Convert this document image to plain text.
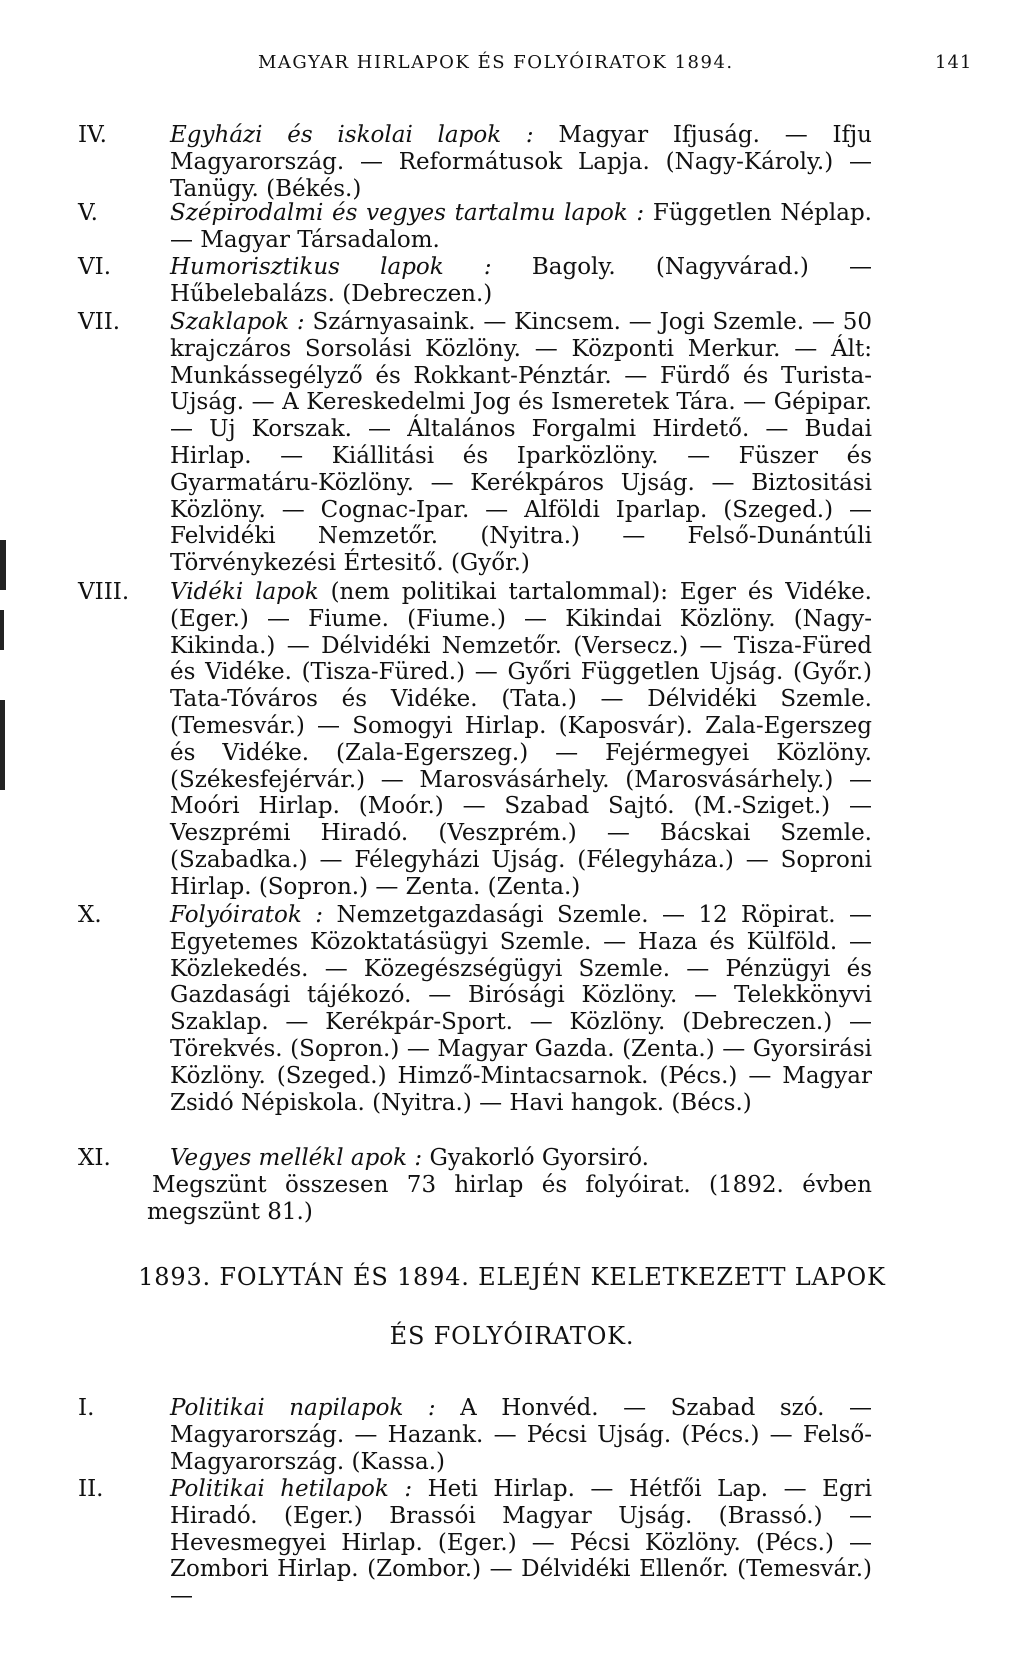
MAGYAR HIRLAPOK ÉS FOLYÓIRATOK 1894.	141

IV.	Egyházi és iskolai lapok : Magyar Ifjuság. — Ifju Magyarország. — Reformátusok Lapja. (Nagy-Károly.) — Tanügy. (Békés.)

V.	Szépirodalmi és vegyes tartalmu lapok : Független Néplap. — Magyar Társadalom.

VI.	Humorisztikus lapok : Bagoly. (Nagyvárad.) — Hűbelebalázs. (Debreczen.)

VII. Szaklapok : Szárnyasaink. — Kincsem. — Jogi Szemle. — 50 krajczáros Sorsolási Közlöny. — Központi Merkur. — Ált: Munkássegélyző és Rokkant-Pénztár. — Fürdő és Turista-Ujság. — A Kereskedelmi Jog és Ismeretek Tára. — Gépipar. — Uj Korszak. — Általános Forgalmi Hirdető. — Budai Hirlap. — Kiállitási és Iparközlöny. — Füszer és Gyarmatáru-Közlöny. — Kerékpáros Ujság. — Biztositási Közlöny. — Cognac-Ipar. — Alföldi Iparlap. (Szeged.) — Felvidéki Nemzetőr. (Nyitra.) — Felső-Dunántúli Törvénykezési Értesitő. (Győr.)

VIII. Vidéki lapok (nem politikai tartalommal): Eger és Vidéke. (Eger.) — Fiume. (Fiume.) — Kikindai Közlöny. (Nagy-Kikinda.) — Délvidéki Nemzetőr. (Versecz.) — Tisza-Füred és Vidéke. (Tisza-Füred.) — Győri Független Ujság. (Győr.) Tata-Tóváros és Vidéke. (Tata.) — Délvidéki Szemle. (Temesvár.) — Somogyi Hirlap. (Kaposvár). Zala-Egerszeg és Vidéke. (Zala-Egerszeg.) — Fejérmegyei Közlöny. (Székesfejérvár.) — Marosvásárhely. (Marosvásárhely.) — Moóri Hirlap. (Moór.) — Szabad Sajtó. (M.-Sziget.) — Veszprémi Hiradó. (Veszprém.) — Bácskai Szemle. (Szabadka.) — Félegyházi Ujság. (Félegyháza.) — Soproni Hirlap. (Sopron.) — Zenta. (Zenta.)

X.	Folyóiratok : Nemzetgazdasági Szemle. — 12 Röpirat. — Egyetemes Közoktatásügyi Szemle. — Haza és Külföld. — Közlekedés. — Közegészségügyi Szemle. — Pénzügyi és Gazdasági tájékozó. — Birósági Közlöny. — Telekkönyvi Szaklap. — Kerékpár-Sport. — Közlöny. (Debreczen.) — Törekvés. (Sopron.) — Magyar Gazda. (Zenta.) — Gyorsirási Közlöny. (Szeged.) Himző-Mintacsarnok. (Pécs.) — Magyar Zsidó Népiskola. (Nyitra.) — Havi hangok. (Bécs.)

XI.	Vegyes mellékl apok : Gyakorló Gyorsiró.

Megszünt összesen 73 hirlap és folyóirat. (1892. évben megszünt 81.)
1893. FOLYTÁN ÉS 1894. ELEJÉN KELETKEZETT LAPOK
ÉS FOLYÓIRATOK.

I.	Politikai napilapok : A Honvéd. — Szabad szó. — Magyarország. — Hazank. — Pécsi Ujság. (Pécs.) — Felső-Magyarország. (Kassa.)

II.	Politikai hetilapok : Heti Hirlap. — Hétfői Lap. — Egri Hiradó. (Eger.) Brassói Magyar Ujság. (Brassó.) — Hevesmegyei Hirlap. (Eger.) — Pécsi Közlöny. (Pécs.) — Zombori Hirlap. (Zombor.) — Délvidéki Ellenőr. (Temesvár.) —
